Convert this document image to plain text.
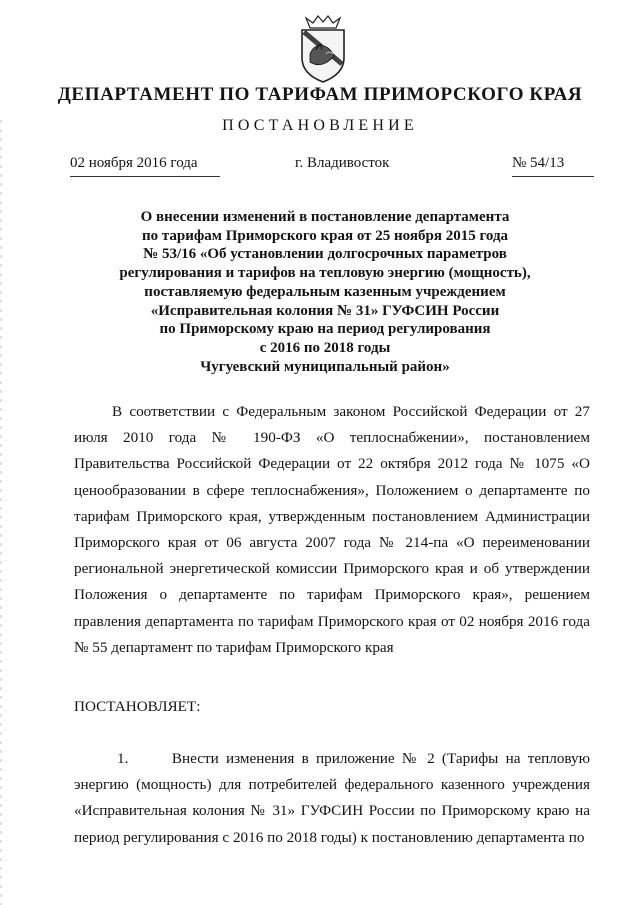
ДЕПАРТАМЕНТ ПО ТАРИФАМ ПРИМОРСКОГО КРАЯ
ПОСТАНОВЛЕНИЕ
02 ноября 2016 года	г. Владивосток	№ 54/13
О внесении изменений в постановление департамента
по тарифам Приморского края от 25 ноября 2015 года
№ 53/16 «Об установлении долгосрочных параметров
регулирования и тарифов на тепловую энергию (мощность),
поставляемую федеральным казенным учреждением
«Исправительная колония № 31» ГУФСИН России
по Приморскому краю на период регулирования
с 2016 по 2018 годы
Чугуевский муниципальный район»
В соответствии с Федеральным законом Российской Федерации от 27 июля 2010 года № 190-ФЗ «О теплоснабжении», постановлением Правительства Российской Федерации от 22 октября 2012 года № 1075 «О ценообразовании в сфере теплоснабжения», Положением о департаменте по тарифам Приморского края, утвержденным постановлением Администрации Приморского края от 06 августа 2007 года № 214-па «О переименовании региональной энергетической комиссии Приморского края и об утверждении Положения о департаменте по тарифам Приморского края», решением правления департамента по тарифам Приморского края от 02 ноября 2016 года № 55 департамент по тарифам Приморского края
ПОСТАНОВЛЯЕТ:
1.	Внести изменения в приложение № 2 (Тарифы на тепловую энергию (мощность) для потребителей федерального казенного учреждения «Исправительная колония № 31» ГУФСИН России по Приморскому краю на период регулирования с 2016 по 2018 годы) к постановлению департамента по
